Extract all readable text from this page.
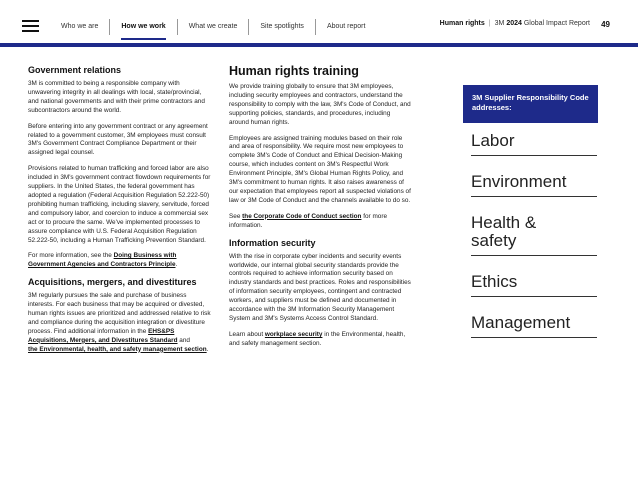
Who we are	How we work	What we create	Site spotlights	About report	Human rights | 3M
2024
Global Impact Report 49
Government relations

3M is committed to being a responsible company with unwavering integrity in all dealings with local, state/provincial, and national governments and with their prime contractors and subcontractors around the world.

Before entering into any government contract or any agreement related to a government customer, 3M employees must consult 3M's Government Contract Compliance Department or their assigned legal counsel.

Provisions related to human trafficking and forced labor are also included in 3M's government contract flowdown requirements for suppliers. In the United States, the federal government has adopted a regulation (Federal Acquisition Regulation 52.222-50) prohibiting human trafficking, including slavery, servitude, forced and compulsory labor, and coercion to induce a commercial sex act or to procure the same. We've implemented processes to assure compliance with U.S. Federal Acquisition Regulation 52.222-50, including a Human Trafficking Prevention Standard.

For more information, see the Doing Business with Government Agencies and Contractors Principle.

Acquisitions, mergers, and divestitures

3M regularly pursues the sale and purchase of business interests. For each business that may be acquired or divested, human rights issues are prioritized and addressed relative to risk and compliance during the acquisition integration or divestiture process. Find additional information in the EHS&PS Acquisitions, Mergers, and Divestitures Standard and
the Environmental, health, and safety management section.

Human rights training

We provide training globally to ensure that 3M employees, including security employees and contractors, understand the responsibility to comply with the law, 3M's Code of Conduct, and supporting policies, standards, and procedures, including around human rights.

Employees are assigned training modules based on their role and area of responsibility. We require most new employees to complete 3M's Code of Conduct and Ethical Decision-Making course, which includes content on 3M's Respectful Work Environment Principle, 3M's Global Human Rights Policy, and 3M's commitment to human rights. It also raises awareness of our expectation that employees report all suspected violations of law or 3M Code of Conduct and the channels available to do so.

See the Corporate Code of Conduct section for more information.

Information security

With the rise in corporate cyber incidents and security events worldwide, our internal global security standards provide the controls required to achieve information security based on industry standards and best practices. Roles and responsibilities of information security employees, contingent and contracted workers, and suppliers must be defined and documented in accordance with the 3M Information Security Management System and 3M's Systems Access Control Standard.

Learn about workplace security in the Environmental, health, and safety management section.

3M Supplier Responsibility Code addresses:
Labor
Environment
Health &
safety
Ethics
Management
